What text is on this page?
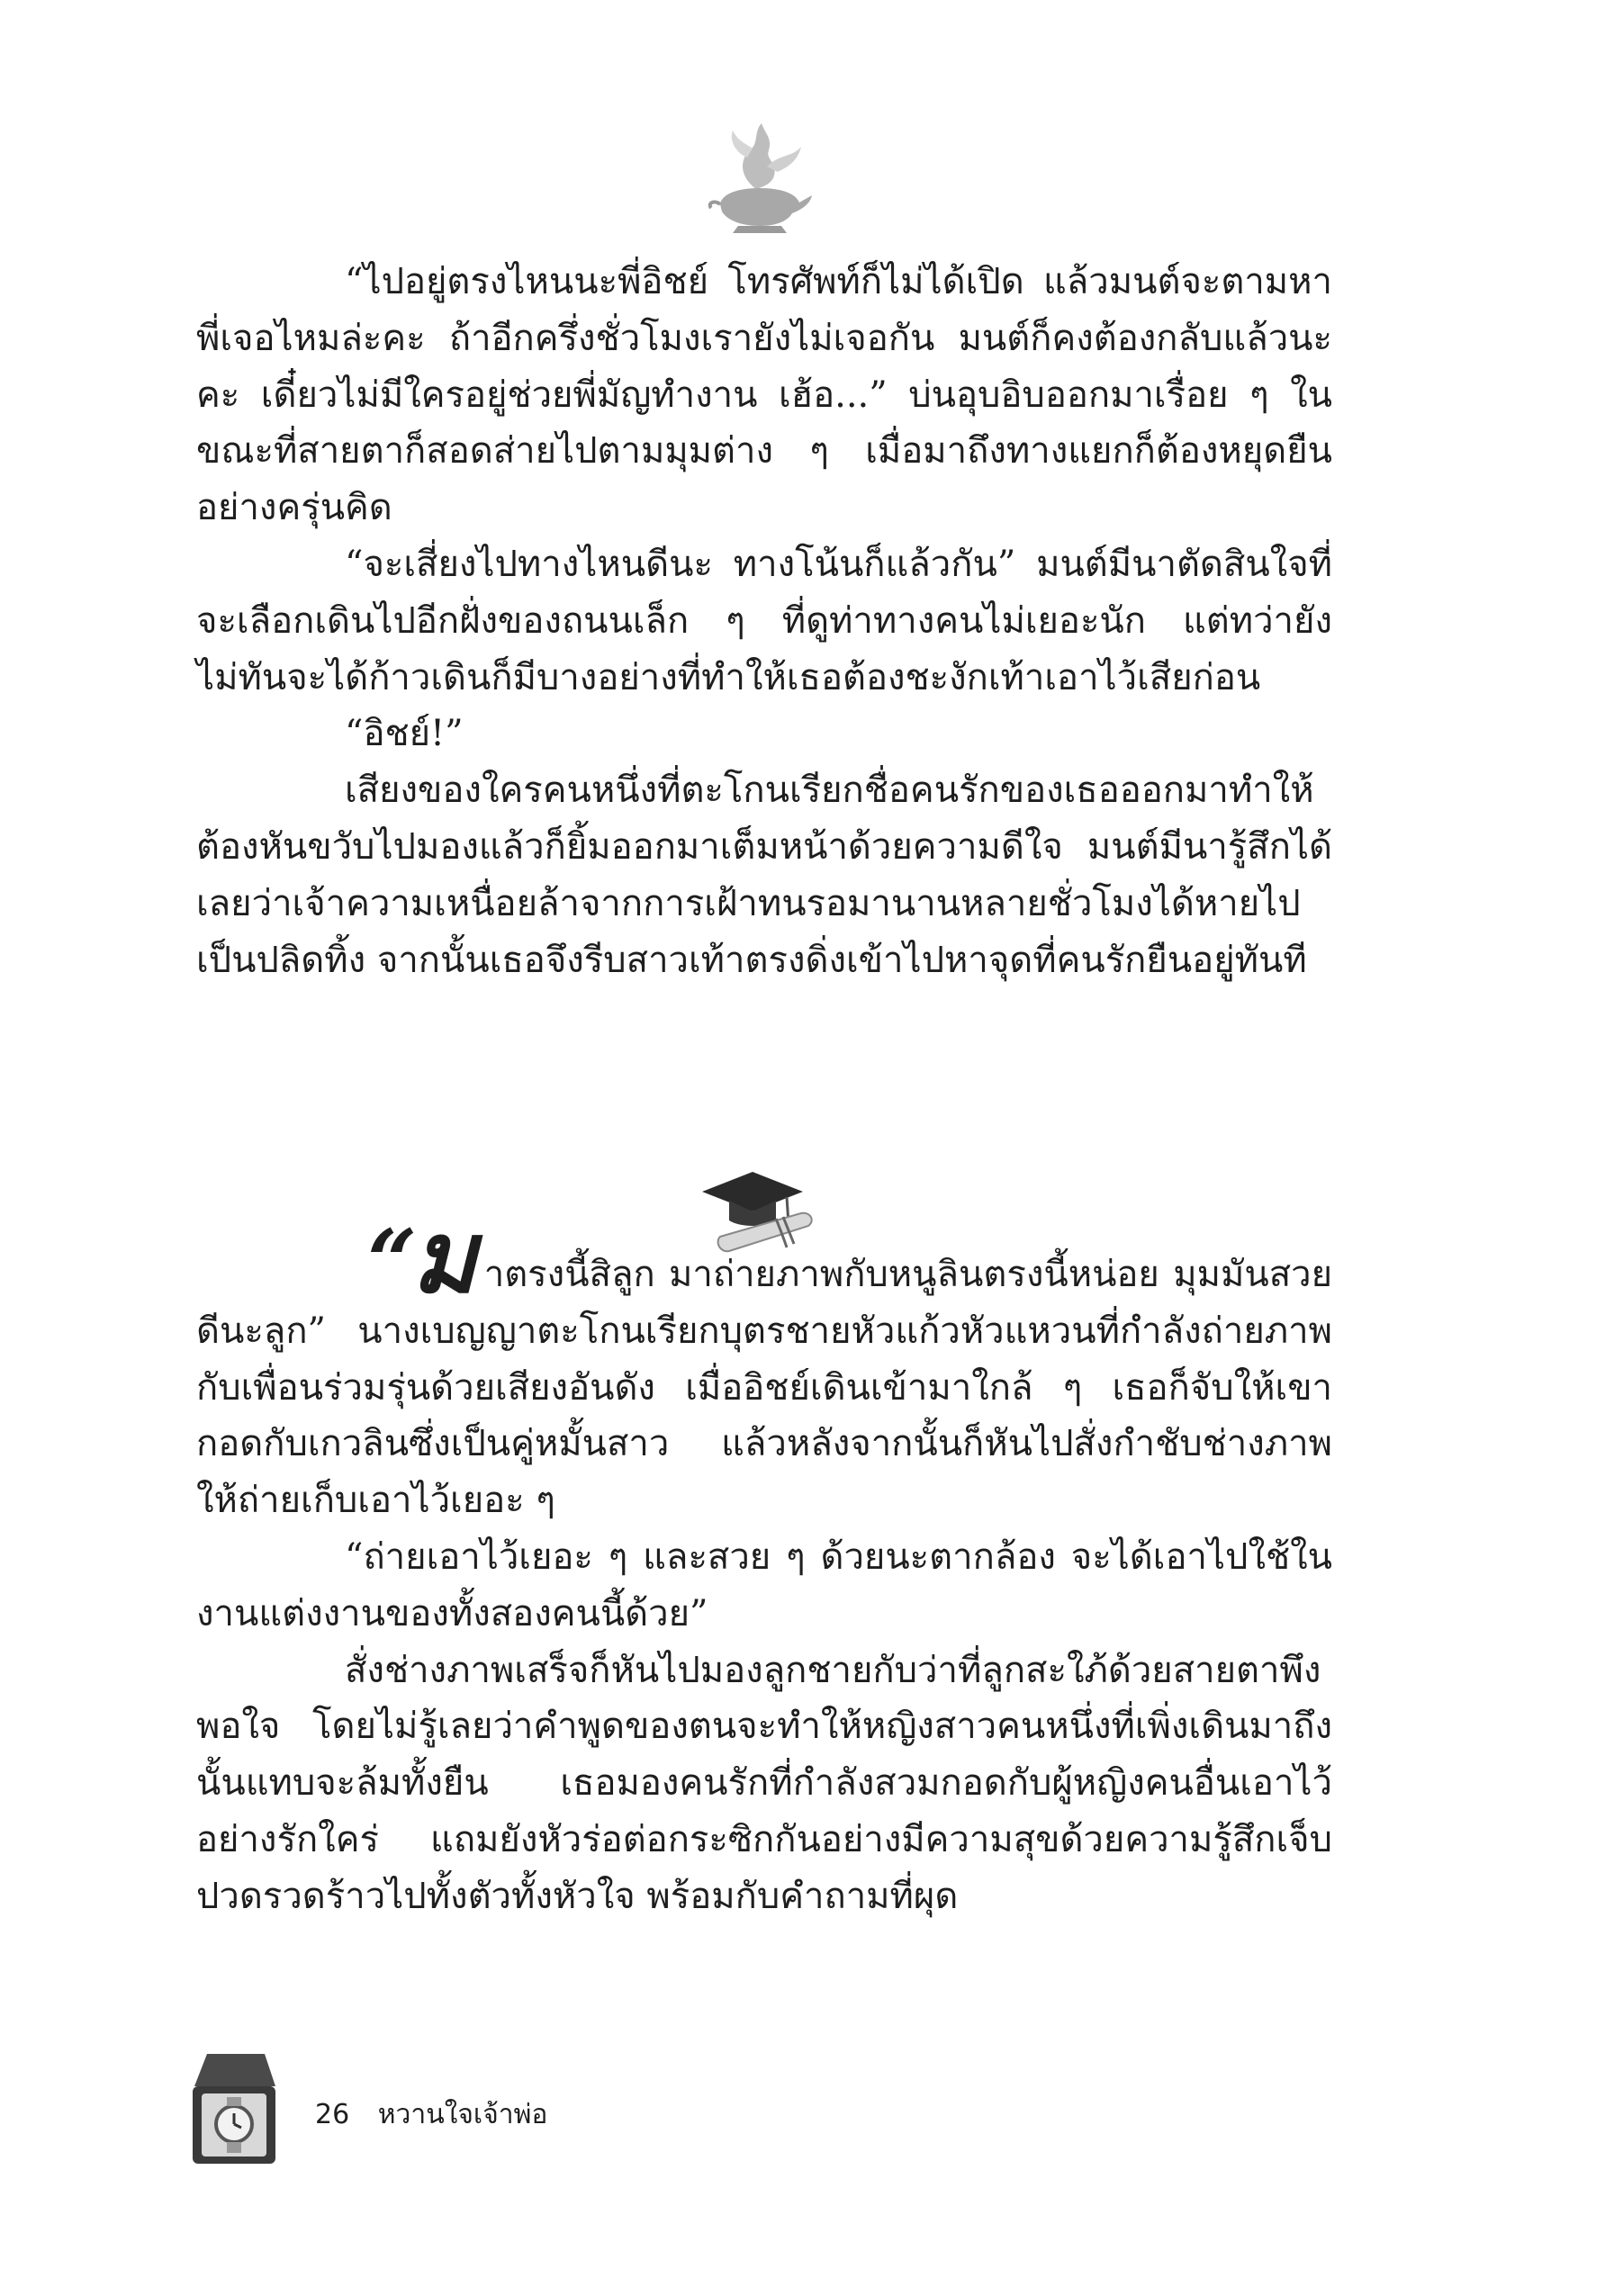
“ไปอยู่ตรงไหนนะพี่อิชย์ โทรศัพท์ก็ไม่ได้เปิด แล้วมนต์จะตามหาพี่เจอไหมล่ะคะ ถ้าอีกครึ่งชั่วโมงเรายังไม่เจอกัน มนต์ก็คงต้องกลับแล้วนะคะ เดี๋ยวไม่มีใครอยู่ช่วยพี่มัญทำงาน เฮ้อ...” บ่นอุบอิบออกมาเรื่อย ๆ ในขณะที่สายตาก็สอดส่ายไปตามมุมต่าง ๆ เมื่อมาถึงทางแยกก็ต้องหยุดยืนอย่างครุ่นคิด

“จะเสี่ยงไปทางไหนดีนะ ทางโน้นก็แล้วกัน” มนต์มีนาตัดสินใจที่จะเลือกเดินไปอีกฝั่งของถนนเล็ก ๆ ที่ดูท่าทางคนไม่เยอะนัก แต่ทว่ายังไม่ทันจะได้ก้าวเดินก็มีบางอย่างที่ทำให้เธอต้องชะงักเท้าเอาไว้เสียก่อน

“อิชย์!”

เสียงของใครคนหนึ่งที่ตะโกนเรียกชื่อคนรักของเธอออกมาทำให้ต้องหันขวับไปมองแล้วก็ยิ้มออกมาเต็มหน้าด้วยความดีใจ มนต์มีนารู้สึกได้เลยว่าเจ้าความเหนื่อยล้าจากการเฝ้าทนรอมานานหลายชั่วโมงได้หายไปเป็นปลิดทิ้ง จากนั้นเธอจึงรีบสาวเท้าตรงดิ่งเข้าไปหาจุดที่คนรักยืนอยู่ทันที

“ม าตรงนี้สิลูก มาถ่ายภาพกับหนูลินตรงนี้หน่อย มุมมันสวยดีนะลูก” นางเบญญาตะโกนเรียกบุตรชายหัวแก้วหัวแหวนที่กำลังถ่ายภาพกับเพื่อนร่วมรุ่นด้วยเสียงอันดัง เมื่ออิชย์เดินเข้ามาใกล้ ๆ เธอก็จับให้เขากอดกับเกวลินซึ่งเป็นคู่หมั้นสาว แล้วหลังจากนั้นก็หันไปสั่งกำชับช่างภาพให้ถ่ายเก็บเอาไว้เยอะ ๆ

“ถ่ายเอาไว้เยอะ ๆ และสวย ๆ ด้วยนะตากล้อง จะได้เอาไปใช้ในงานแต่งงานของทั้งสองคนนี้ด้วย”

สั่งช่างภาพเสร็จก็หันไปมองลูกชายกับว่าที่ลูกสะใภ้ด้วยสายตาพึงพอใจ โดยไม่รู้เลยว่าคำพูดของตนจะทำให้หญิงสาวคนหนึ่งที่เพิ่งเดินมาถึงนั้นแทบจะล้มทั้งยืน เธอมองคนรักที่กำลังสวมกอดกับผู้หญิงคนอื่นเอาไว้อย่างรักใคร่ แถมยังหัวร่อต่อกระซิกกันอย่างมีความสุขด้วยความรู้สึกเจ็บปวดรวดร้าวไปทั้งตัวทั้งหัวใจ พร้อมกับคำถามที่ผุด

26 หวานใจเจ้าพ่อ
